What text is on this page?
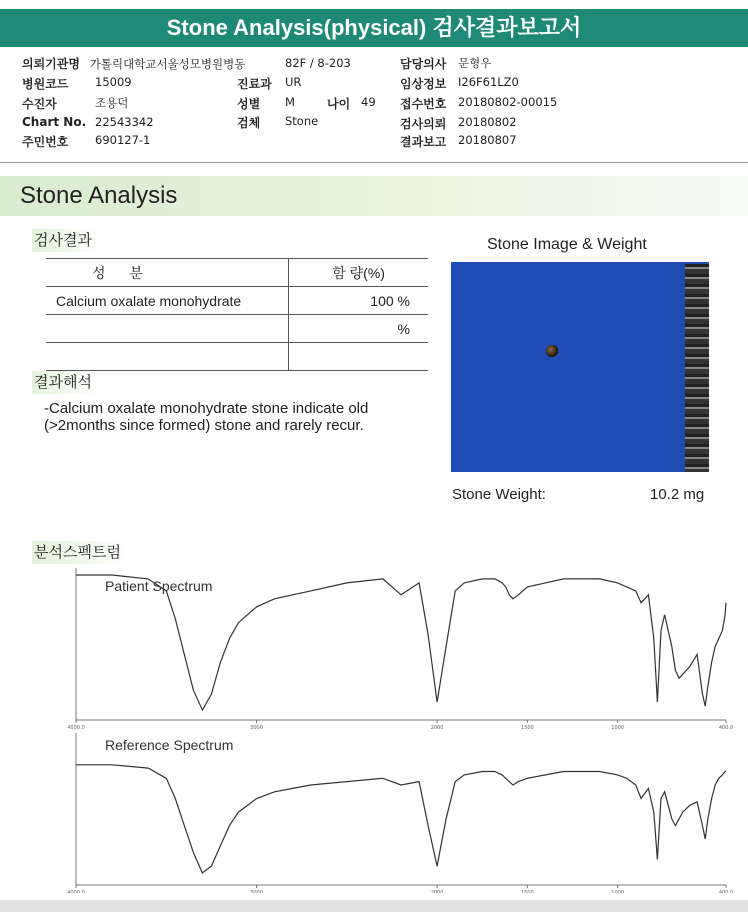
Stone Analysis(physical) 검사결과보고서
의뢰기관명 가톨릭대학교서울성모병원병동
병원코드 15009
수진자	조용덕
Chart No. 22543342
주민번호 690127-1
82F / 8-203
진료과 UR
성별 M	나이 49
검체 Stone
담당의사 문형우
임상정보 I26F61LZ0
접수번호 20180802-00015
검사의뢰 20180802
결과보고 20180807
Stone Analysis
검사결과
성 분	함 량(%)
Calcium oxalate monohydrate	100 %
	%

결과해석
-Calcium oxalate monohydrate stone indicate old
(>2months since formed) stone and rarely recur.
Stone Image & Weight
Stone Weight:	10.2 mg
분석스펙트럼
4000.0	3000	2000	1500	1000	400.0
Patient Spectrum
4000.0	3000	2000	1500	1000	400.0
Reference Spectrum
